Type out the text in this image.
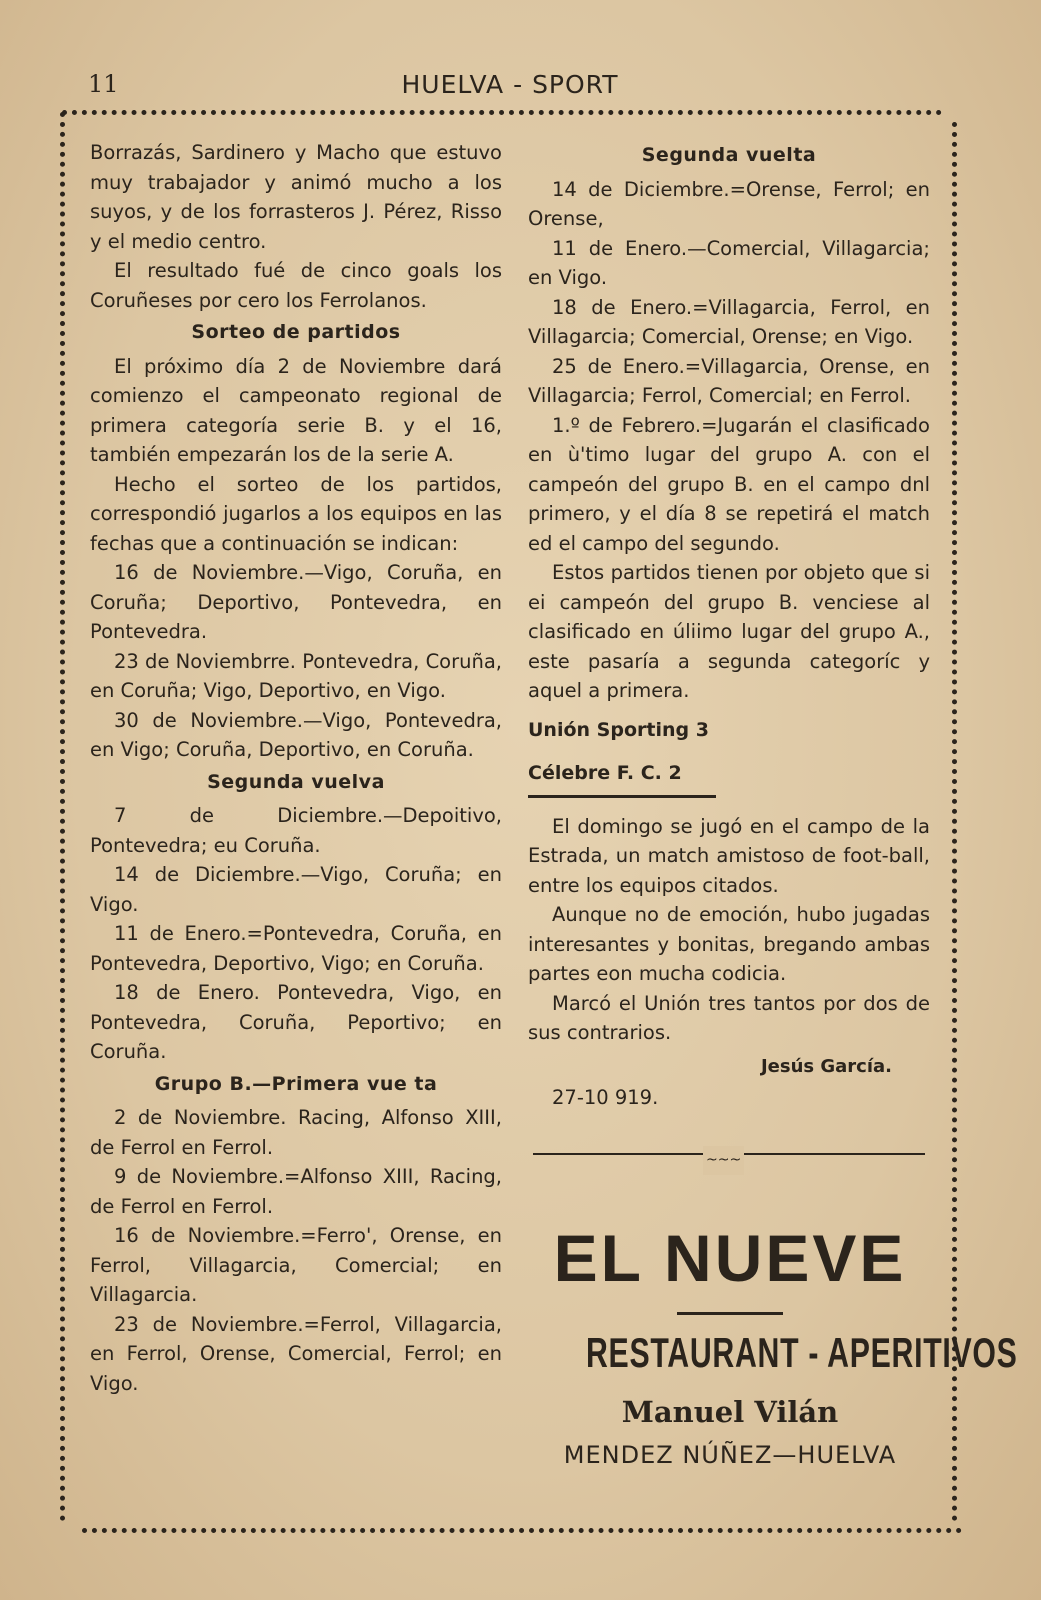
11	HUELVA - SPORT

Borrazás, Sardinero y Macho que estuvo muy trabajador y animó mucho a los suyos, y de los forrasteros J. Pérez, Risso y el medio centro.

El resultado fué de cinco goals los Coruñeses por cero los Ferrolanos.

Sorteo de partidos

El próximo día 2 de Noviembre dará comienzo el campeonato regional de primera categoría serie B. y el 16, también empezarán los de la serie A.

Hecho el sorteo de los partidos, correspondió jugarlos a los equipos en las fechas que a continuación se indican:

16 de Noviembre.—Vigo, Coruña, en Coruña; Deportivo, Pontevedra, en Pontevedra.

23 de Noviembrre. Pontevedra, Coruña, en Coruña; Vigo, Deportivo, en Vigo.

30 de Noviembre.—Vigo, Pontevedra, en Vigo; Coruña, Deportivo, en Coruña.

Segunda vuelva

7 de Diciembre.—Depoitivo, Pontevedra; eu Coruña.

14 de Diciembre.—Vigo, Coruña; en Vigo.

11 de Enero.=Pontevedra, Coruña, en Pontevedra, Deportivo, Vigo; en Coruña.

18 de Enero. Pontevedra, Vigo, en Pontevedra, Coruña, Peportivo; en Coruña.

Grupo B.—Primera vue ta

2 de Noviembre. Racing, Alfonso XIII, de Ferrol en Ferrol.

9 de Noviembre.=Alfonso XIII, Racing, de Ferrol en Ferrol.

16 de Noviembre.=Ferro', Orense, en Ferrol, Villagarcia, Comercial; en Villagarcia.

23 de Noviembre.=Ferrol, Villagarcia, en Ferrol, Orense, Comercial, Ferrol; en Vigo.

Segunda vuelta

14 de Diciembre.=Orense, Ferrol; en Orense,

11 de Enero.—Comercial, Villagarcia; en Vigo.

18 de Enero.=Villagarcia, Ferrol, en Villagarcia; Comercial, Orense; en Vigo.

25 de Enero.=Villagarcia, Orense, en Villagarcia; Ferrol, Comercial; en Ferrol.

1.º de Febrero.=Jugarán el clasificado en ù'timo lugar del grupo A. con el campeón del grupo B. en el campo dnl primero, y el día 8 se repetirá el match ed el campo del segundo.

Estos partidos tienen por objeto que si ei campeón del grupo B. venciese al clasificado en úliimo lugar del grupo A., este pasaría a segunda categoríc y aquel a primera.

Unión Sporting 3
Célebre F. C. 2

El domingo se jugó en el campo de la Estrada, un match amistoso de foot-ball, entre los equipos citados.

Aunque no de emoción, hubo jugadas interesantes y bonitas, bregando ambas partes eon mucha codicia.

Marcó el Unión tres tantos por dos de sus contrarios.

Jesús García.
27-10 919.
~~~
EL NUEVE
RESTAURANT - APERITIVOS
Manuel Vilán
MENDEZ NÚÑEZ—HUELVA
